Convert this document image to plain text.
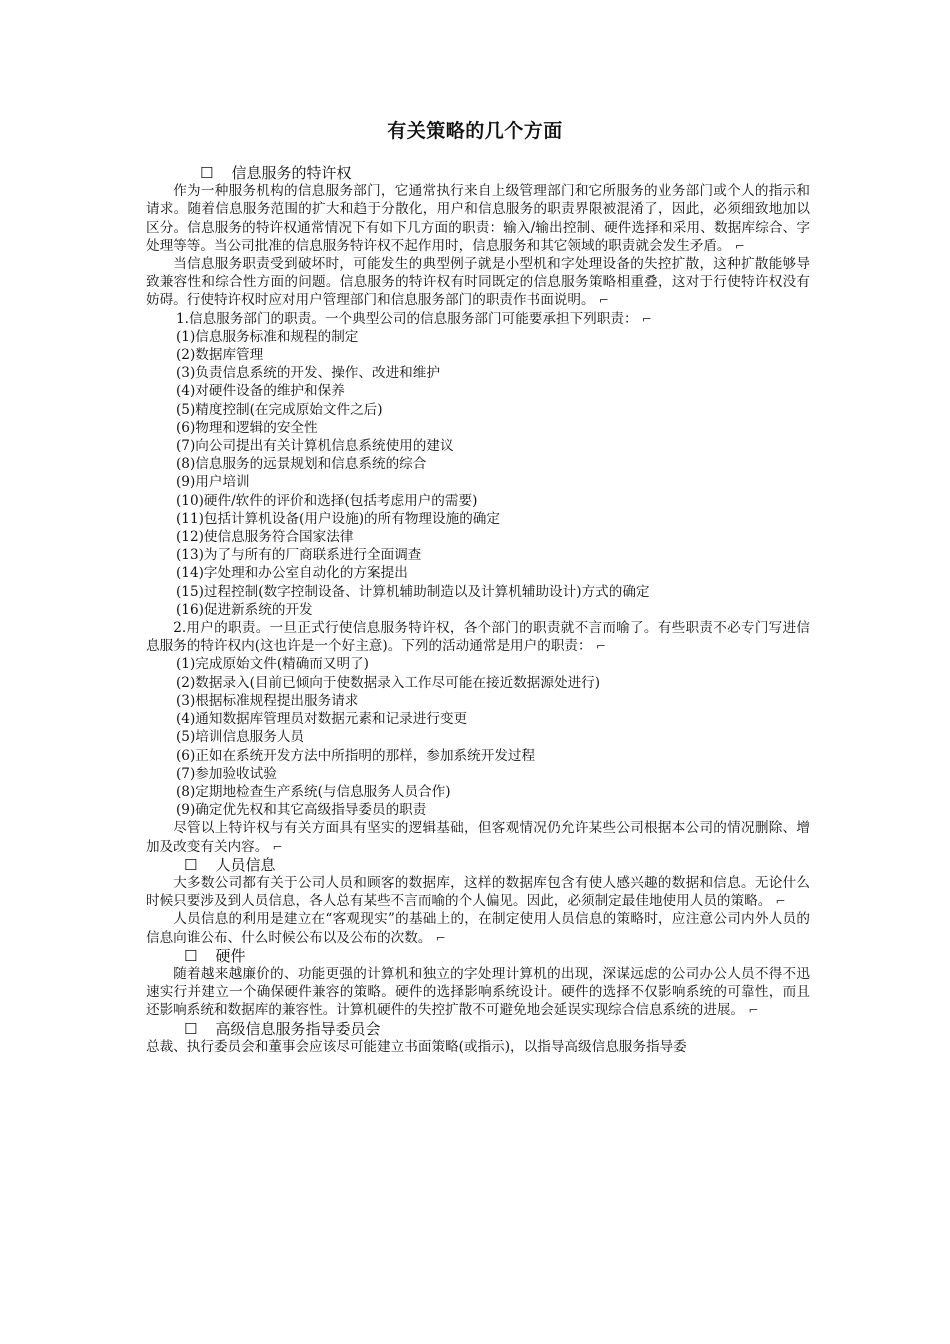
有关策略的几个方面

☐ 信息服务的特许权

作为一种服务机构的信息服务部门，它通常执行来自上级管理部门和它所服务的业务部门或个人的指示和请求。随着信息服务范围的扩大和趋于分散化，用户和信息服务的职责界限被混淆了，因此，必须细致地加以区分。信息服务的特许权通常情况下有如下几方面的职责：输入/输出控制、硬件选择和采用、数据库综合、字处理等等。当公司批准的信息服务特许权不起作用时，信息服务和其它领域的职责就会发生矛盾。 ⌐

当信息服务职责受到破坏时，可能发生的典型例子就是小型机和字处理设备的失控扩散，这种扩散能够导致兼容性和综合性方面的问题。信息服务的特许权有时同既定的信息服务策略相重叠，这对于行使特许权没有妨碍。行使特许权时应对用户管理部门和信息服务部门的职责作书面说明。 ⌐

1.信息服务部门的职责。一个典型公司的信息服务部门可能要承担下列职责： ⌐

(1)信息服务标准和规程的制定

(2)数据库管理

(3)负责信息系统的开发、操作、改进和维护

(4)对硬件设备的维护和保养

(5)精度控制(在完成原始文件之后)

(6)物理和逻辑的安全性

(7)向公司提出有关计算机信息系统使用的建议

(8)信息服务的远景规划和信息系统的综合

(9)用户培训

(10)硬件/软件的评价和选择(包括考虑用户的需要)

(11)包括计算机设备(用户设施)的所有物理设施的确定

(12)使信息服务符合国家法律

(13)为了与所有的厂商联系进行全面调查

(14)字处理和办公室自动化的方案提出

(15)过程控制(数字控制设备、计算机辅助制造以及计算机辅助设计)方式的确定

(16)促进新系统的开发

2.用户的职责。一旦正式行使信息服务特许权，各个部门的职责就不言而喻了。有些职责不必专门写进信息服务的特许权内(这也许是一个好主意)。下列的活动通常是用户的职责： ⌐

(1)完成原始文件(精确而又明了)

(2)数据录入(目前已倾向于使数据录入工作尽可能在接近数据源处进行)

(3)根据标准规程提出服务请求

(4)通知数据库管理员对数据元素和记录进行变更

(5)培训信息服务人员

(6)正如在系统开发方法中所指明的那样，参加系统开发过程

(7)参加验收试验

(8)定期地检查生产系统(与信息服务人员合作)

(9)确定优先权和其它高级指导委员的职责

尽管以上特许权与有关方面具有坚实的逻辑基础，但客观情况仍允许某些公司根据本公司的情况删除、增加及改变有关内容。 ⌐

☐ 人员信息

大多数公司都有关于公司人员和顾客的数据库，这样的数据库包含有使人感兴趣的数据和信息。无论什么时候只要涉及到人员信息，各人总有某些不言而喻的个人偏见。因此，必须制定最佳地使用人员的策略。 ⌐

人员信息的利用是建立在“客观现实”的基础上的，在制定使用人员信息的策略时，应注意公司内外人员的信息向谁公布、什么时候公布以及公布的次数。 ⌐

☐ 硬件

随着越来越廉价的、功能更强的计算机和独立的字处理计算机的出现，深谋远虑的公司办公人员不得不迅速实行并建立一个确保硬件兼容的策略。硬件的选择影响系统设计。硬件的选择不仅影响系统的可靠性，而且还影响系统和数据库的兼容性。计算机硬件的失控扩散不可避免地会延误实现综合信息系统的进展。 ⌐

☐ 高级信息服务指导委员会

总裁、执行委员会和董事会应该尽可能建立书面策略(或指示)，以指导高级信息服务指导委
